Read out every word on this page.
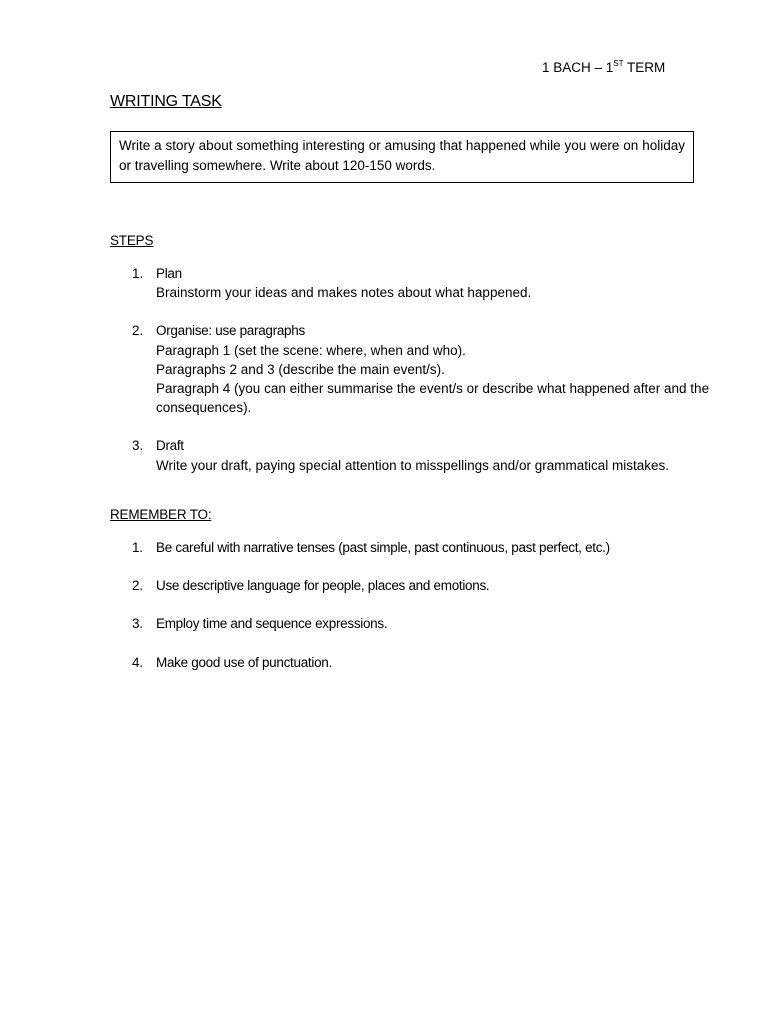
1 BACH – 1ST TERM
WRITING TASK
Write a story about something interesting or amusing that happened while you were on holiday or travelling somewhere. Write about 120-150 words.
STEPS
1. Plan
Brainstorm your ideas and makes notes about what happened.
2. Organise: use paragraphs
Paragraph 1 (set the scene: where, when and who).
Paragraphs 2 and 3 (describe the main event/s).
Paragraph 4 (you can either summarise the event/s or describe what happened after and the consequences).
3. Draft
Write your draft, paying special attention to misspellings and/or grammatical mistakes.
REMEMBER TO:
1. Be careful with narrative tenses (past simple, past continuous, past perfect, etc.)
2. Use descriptive language for people, places and emotions.
3. Employ time and sequence expressions.
4. Make good use of punctuation.
